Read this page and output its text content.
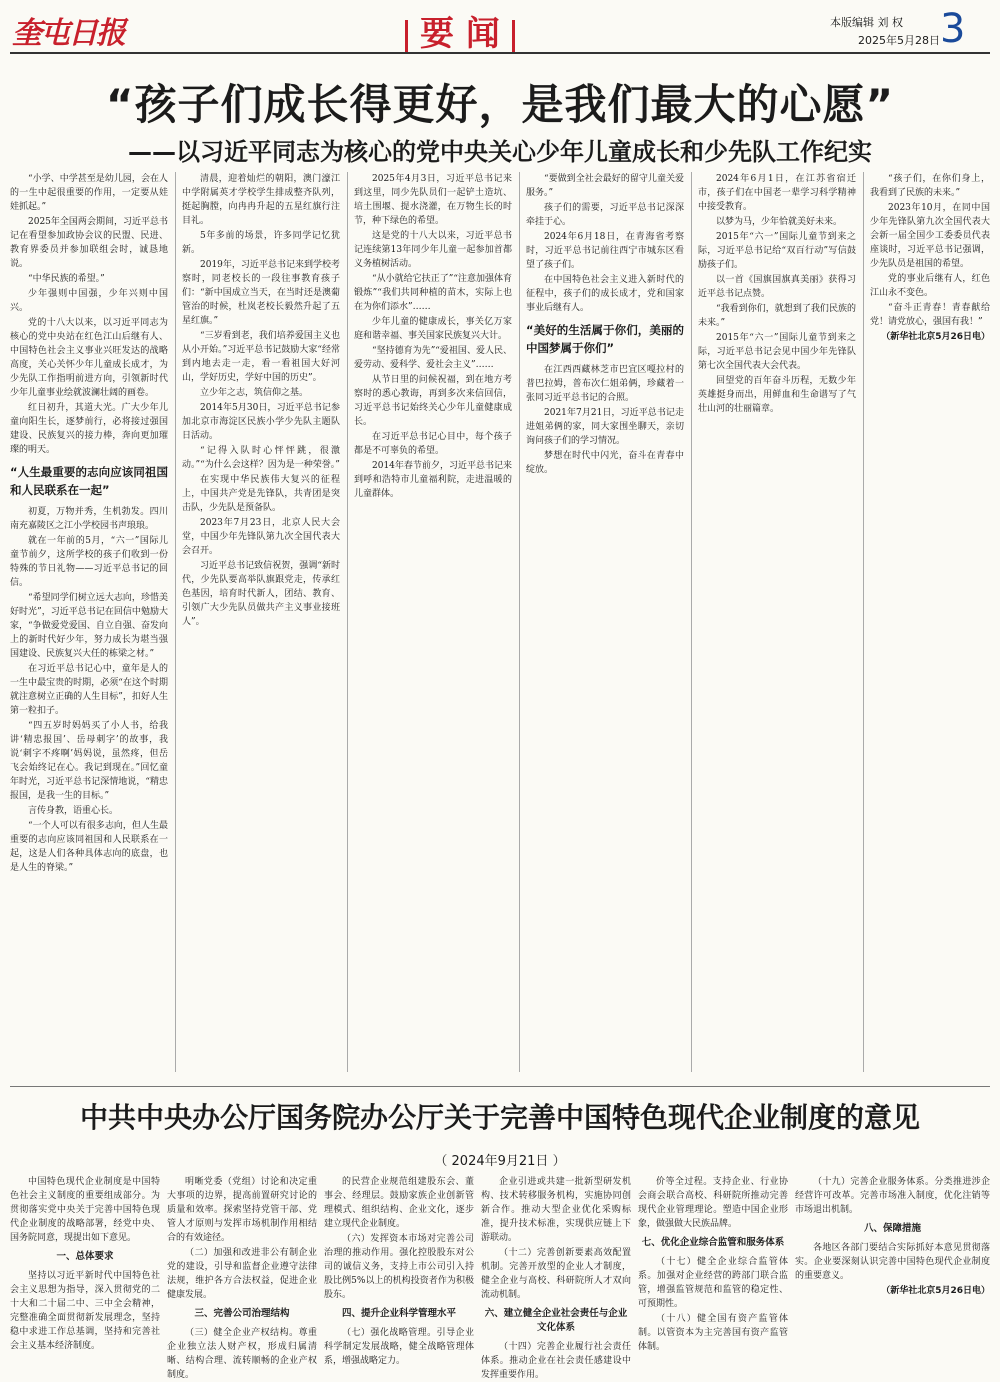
奎屯日报	要 闻	本版编辑 刘 权
2025年5月28日 3
“孩子们成长得更好，是我们最大的心愿”
——以习近平同志为核心的党中央关心少年儿童成长和少先队工作纪实

“小学、中学甚至是幼儿园，会在人的一生中起很重要的作用，一定要从娃娃抓起。”

2025年全国两会期间，习近平总书记在看望参加政协会议的民盟、民进、教育界委员并参加联组会时，诚恳地说。

“中华民族的希望。”

少年强则中国强，少年兴则中国兴。

党的十八大以来，以习近平同志为核心的党中央站在红色江山后继有人、中国特色社会主义事业兴旺发达的战略高度，关心关怀少年儿童成长成才，为少先队工作指明前进方向，引领新时代少年儿童事业绘就波澜壮阔的画卷。

红日初升，其道大光。广大少年儿童向阳生长，逐梦前行，必将接过强国建设、民族复兴的接力棒，奔向更加璀璨的明天。

“人生最重要的志向应该同祖国和人民联系在一起”

初夏，万物并秀，生机勃发。四川南充嘉陵区之江小学校园书声琅琅。

就在一年前的5月，“六一”国际儿童节前夕，这所学校的孩子们收到一份特殊的节日礼物——习近平总书记的回信。

“希望同学们树立远大志向，珍惜美好时光”，习近平总书记在回信中勉励大家，“争做爱党爱国、自立自强、奋发向上的新时代好少年，努力成长为堪当强国建设、民族复兴大任的栋梁之材。”

在习近平总书记心中，童年是人的一生中最宝贵的时期，必须“在这个时期就注意树立正确的人生目标”，扣好人生第一粒扣子。

“四五岁时妈妈买了小人书，给我讲‘精忠报国’、岳母刺字’的故事，我说‘刺字不疼啊’妈妈说，虽然疼，但岳飞会始终记在心。我记到现在。”回忆童年时光，习近平总书记深情地说，“精忠报国，是我一生的目标。”

言传身教，语重心长。

“一个人可以有很多志向，但人生最重要的志向应该同祖国和人民联系在一起，这是人们各种具体志向的底盘，也是人生的脊梁。”

清晨，迎着灿烂的朝阳，澳门濠江中学附属英才学校学生排成整齐队列，挺起胸膛，向冉冉升起的五星红旗行注目礼。

5年多前的场景，许多同学记忆犹新。

2019年，习近平总书记来到学校考察时，同老校长的一段往事教育孩子们：“新中国成立当天，在当时还是澳葡管治的时候，杜岚老校长毅然升起了五星红旗。”

“三岁看到老，我们培养爱国主义也从小开始。”习近平总书记鼓励大家“经常到内地去走一走，看一看祖国大好河山，学好历史，学好中国的历史”。

立少年之志，筑信仰之基。

2014年5月30日，习近平总书记参加北京市海淀区民族小学少先队主题队日活动。

“记得入队时心怦怦跳，很激动。”“为什么会这样？因为是一种荣誉。”

在实现中华民族伟大复兴的征程上，中国共产党是先锋队，共青团是突击队，少先队是预备队。

2023年7月23日，北京人民大会堂，中国少年先锋队第九次全国代表大会召开。

习近平总书记致信祝贺，强调“新时代，少先队要高举队旗跟党走，传承红色基因，培育时代新人，团结、教育、引领广大少先队员做共产主义事业接班人”。

2025年4月3日，习近平总书记来到这里，同少先队员们一起铲土造坑、培土围堰、提水浇灌，在万物生长的时节，种下绿色的希望。

这是党的十八大以来，习近平总书记连续第13年同少年儿童一起参加首都义务植树活动。

“从小就给它扶正了”“注意加强体育锻炼”“我们共同种植的苗木，实际上也在为你们添水”……

少年儿童的健康成长，事关亿万家庭和谐幸福、事关国家民族复兴大计。

“坚持德育为先”“爱祖国、爱人民、爱劳动、爱科学、爱社会主义”……

从节日里的问候祝福，到在地方考察时的悉心教诲，再到多次来信回信，习近平总书记始终关心少年儿童健康成长。

在习近平总书记心目中，每个孩子都是不可辜负的希望。

2014年春节前夕，习近平总书记来到呼和浩特市儿童福利院，走进温暖的儿童群体。

“要做到全社会最好的留守儿童关爱服务。”

孩子们的需要，习近平总书记深深牵挂于心。

2024年6月18日，在青海省考察时，习近平总书记前往西宁市城东区看望了孩子们。

在中国特色社会主义进入新时代的征程中，孩子们的成长成才，党和国家事业后继有人。

“美好的生活属于你们，美丽的中国梦属于你们”

在江西西藏林芝市巴宜区嘎拉村的普巴拉姆，普布次仁姐弟俩，珍藏着一张同习近平总书记的合照。

2021年7月21日，习近平总书记走进姐弟俩的家，同大家围坐聊天，亲切询问孩子们的学习情况。

梦想在时代中闪光，奋斗在青春中绽放。

2024年6月1日，在江苏省宿迁市，孩子们在中国老一辈学习科学精神中接受教育。

以梦为马，少年恰就美好未来。

2015年“六一”国际儿童节到来之际，习近平总书记给“双百行动”写信鼓励孩子们。

以一首《国旗国旗真美丽》获得习近平总书记点赞。

“我看到你们，就想到了我们民族的未来。”

2015年“六一”国际儿童节到来之际，习近平总书记会见中国少年先锋队第七次全国代表大会代表。

回望党的百年奋斗历程，无数少年英雄挺身而出，用鲜血和生命谱写了气壮山河的壮丽篇章。

“孩子们，在你们身上，我看到了民族的未来。”

2023年10月，在同中国少年先锋队第九次全国代表大会新一届全国少工委委员代表座谈时，习近平总书记强调，少先队员是祖国的希望。

党的事业后继有人，红色江山永不变色。

“奋斗正青春！青春献给党！请党放心，强国有我！”

（新华社北京5月26日电）
中共中央办公厅国务院办公厅关于完善中国特色现代企业制度的意见
（ 2024年9月21日 ）

中国特色现代企业制度是中国特色社会主义制度的重要组成部分。为贯彻落实党中央关于完善中国特色现代企业制度的战略部署，经党中央、国务院同意，现提出如下意见。

一、总体要求

坚持以习近平新时代中国特色社会主义思想为指导，深入贯彻党的二十大和二十届二中、三中全会精神，完整准确全面贯彻新发展理念，坚持稳中求进工作总基调，坚持和完善社会主义基本经济制度。

明晰党委（党组）讨论和决定重大事项的边界，提高前置研究讨论的质量和效率。探索坚持党管干部、党管人才原则与发挥市场机制作用相结合的有效途径。

（二）加强和改进非公有制企业党的建设，引导和监督企业遵守法律法规，维护各方合法权益，促进企业健康发展。

三、完善公司治理结构

（三）健全企业产权结构。尊重企业独立法人财产权，形成归属清晰、结构合理、流转顺畅的企业产权制度。

的民营企业规范组建股东会、董事会、经理层。鼓励家族企业创新管理模式、组织结构、企业文化，逐步建立现代企业制度。

（六）发挥资本市场对完善公司治理的推动作用。强化控股股东对公司的诚信义务，支持上市公司引入持股比例5%以上的机构投资者作为积极股东。

四、提升企业科学管理水平

（七）强化战略管理。引导企业科学制定发展战略，健全战略管理体系，增强战略定力。

企业引进或共建一批新型研发机构、技术转移服务机构，实施协同创新合作。推动大型企业优化采购标准，提升技术标准，实现供应链上下游联动。

（十二）完善创新要素高效配置机制。完善开放型的企业人才制度，健全企业与高校、科研院所人才双向流动机制。

六、建立健全企业社会责任与企业文化体系

（十四）完善企业履行社会责任体系。推动企业在社会责任感建设中发挥重要作用。

价等全过程。支持企业、行业协会商会联合高校、科研院所推动完善现代企业管理理论。塑造中国企业形象，做强做大民族品牌。

七、优化企业综合监管和服务体系

（十七）健全企业综合监管体系。加强对企业经营的跨部门联合监管，增强监管规范和监管的稳定性、可预期性。

（十八）健全国有资产监管体制。以管资本为主完善国有资产监管体制。

（十九）完善企业服务体系。分类推进涉企经营许可改革。完善市场准入制度，优化注销等市场退出机制。

八、保障措施

各地区各部门要结合实际抓好本意见贯彻落实。企业要深刻认识完善中国特色现代企业制度的重要意义。

（新华社北京5月26日电）
